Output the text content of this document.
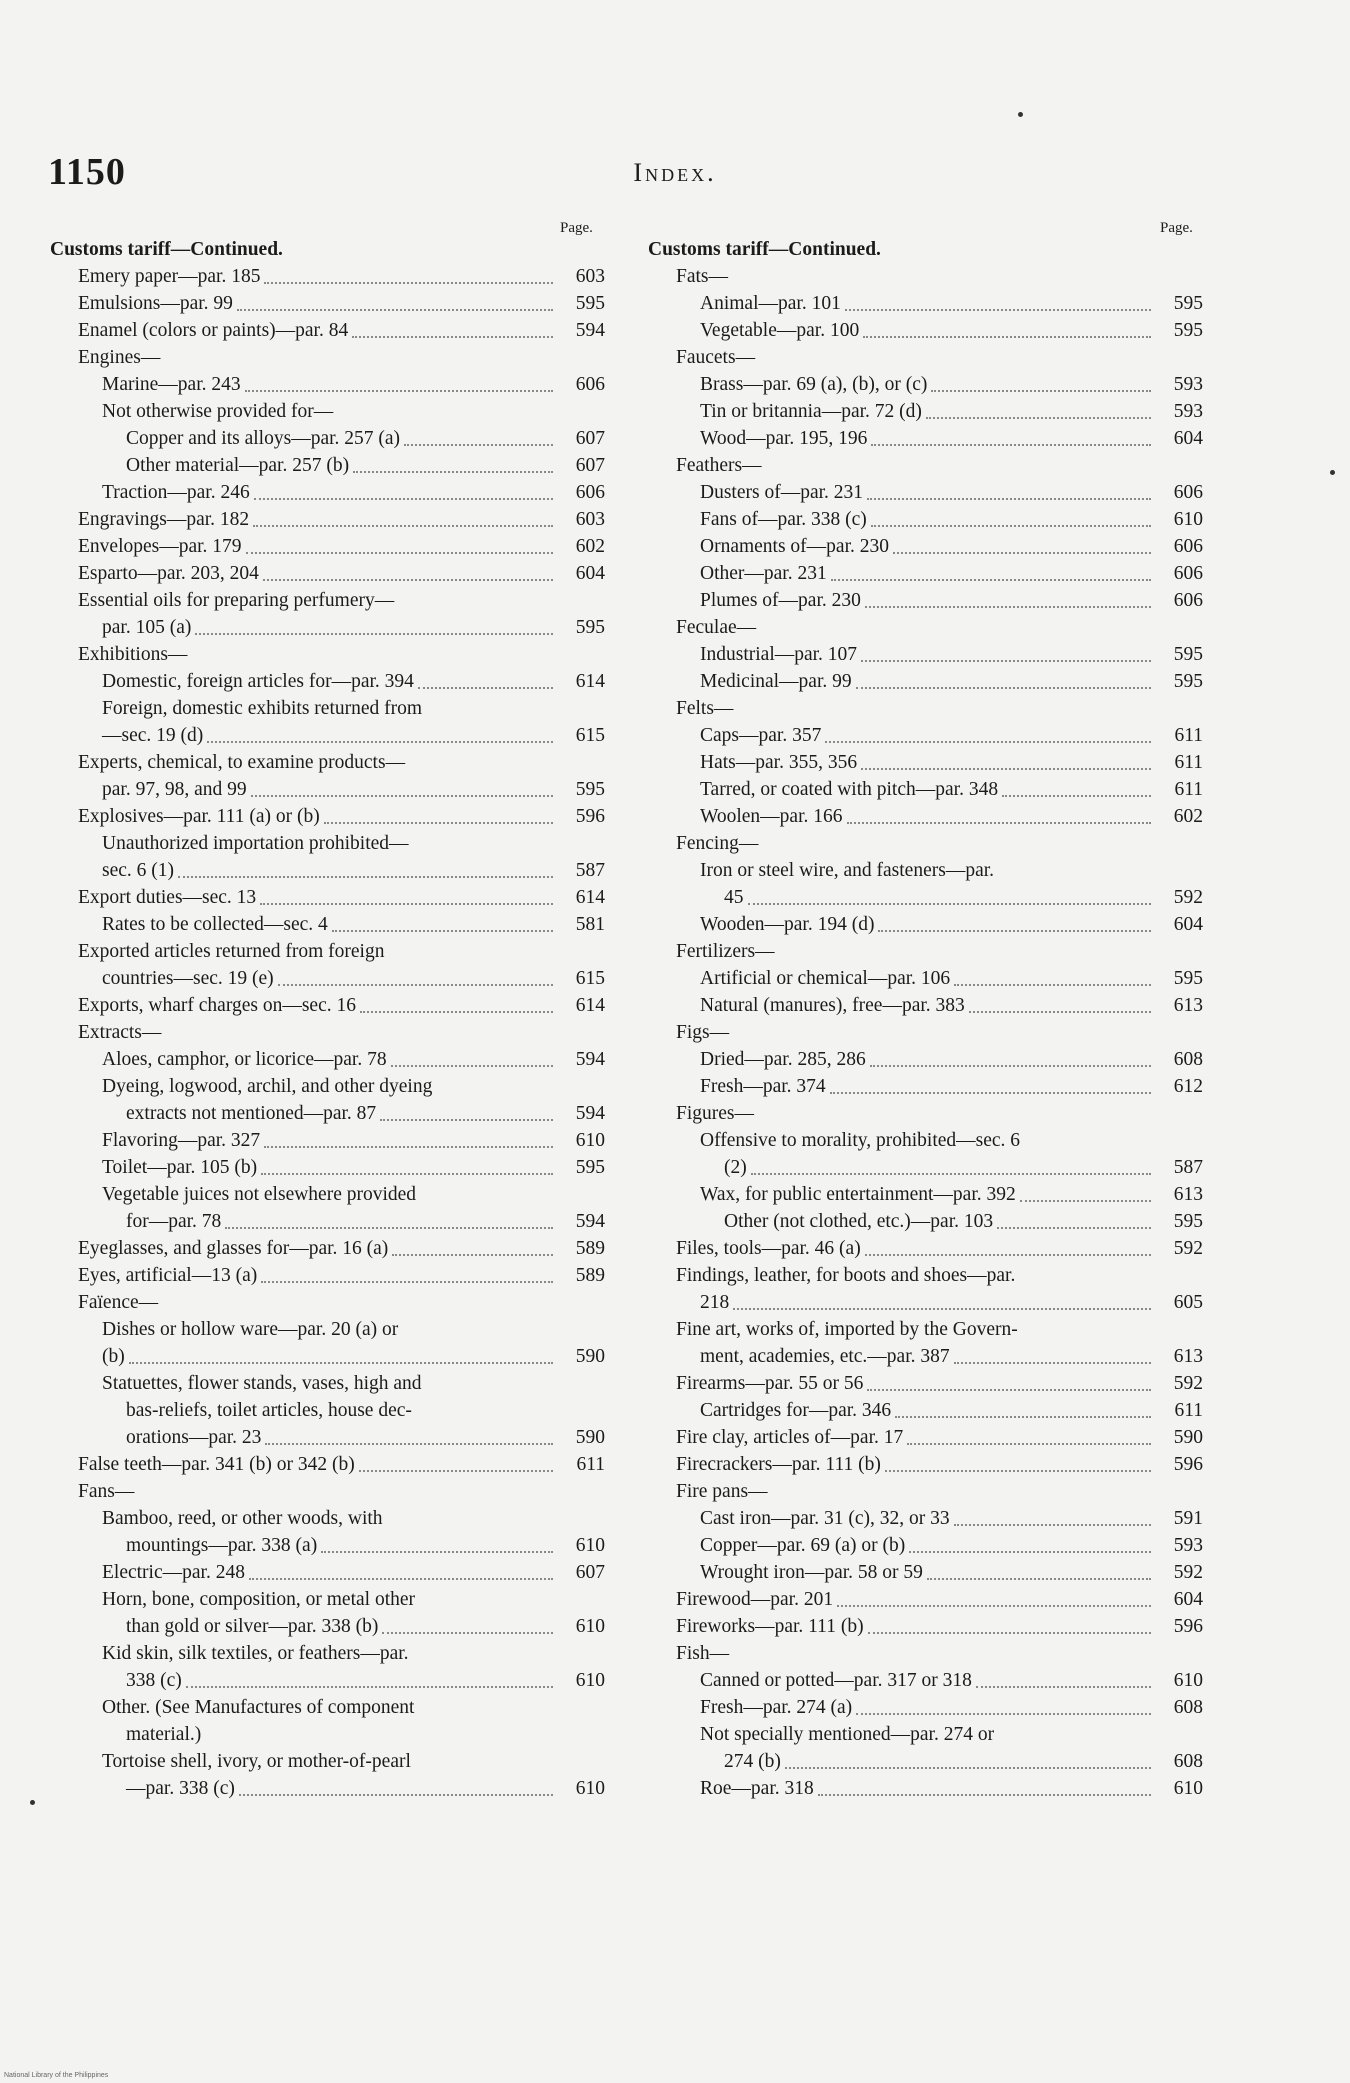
1150	Index.
Page.	Page.
Customs tariff—Continued.
Emery paper—par. 185	603
Emulsions—par. 99	595
Enamel (colors or paints)—par. 84	594
Engines—
Marine—par. 243	606
Not otherwise provided for—
Copper and its alloys—par. 257 (a)	607
Other material—par. 257 (b)	607
Traction—par. 246	606
Engravings—par. 182	603
Envelopes—par. 179	602
Esparto—par. 203, 204	604
Essential oils for preparing perfumery—
par. 105 (a)	595
Exhibitions—
Domestic, foreign articles for—par. 394	614
Foreign, domestic exhibits returned from
—sec. 19 (d)	615
Experts, chemical, to examine products—
par. 97, 98, and 99	595
Explosives—par. 111 (a) or (b)	596
Unauthorized importation prohibited—
sec. 6 (1)	587
Export duties—sec. 13	614
Rates to be collected—sec. 4	581
Exported articles returned from foreign
countries—sec. 19 (e)	615
Exports, wharf charges on—sec. 16	614
Extracts—
Aloes, camphor, or licorice—par. 78	594
Dyeing, logwood, archil, and other dyeing
extracts not mentioned—par. 87	594
Flavoring—par. 327	610
Toilet—par. 105 (b)	595
Vegetable juices not elsewhere provided
for—par. 78	594
Eyeglasses, and glasses for—par. 16 (a)	589
Eyes, artificial—13 (a)	589
Faïence—
Dishes or hollow ware—par. 20 (a) or
(b)	590
Statuettes, flower stands, vases, high and
bas-reliefs, toilet articles, house dec-
orations—par. 23	590
False teeth—par. 341 (b) or 342 (b)	611
Fans—
Bamboo, reed, or other woods, with
mountings—par. 338 (a)	610
Electric—par. 248	607
Horn, bone, composition, or metal other
than gold or silver—par. 338 (b)	610
Kid skin, silk textiles, or feathers—par.
338 (c)	610
Other. (See Manufactures of component
material.)
Tortoise shell, ivory, or mother-of-pearl
—par. 338 (c)	610
Customs tariff—Continued.
Fats—
Animal—par. 101	595
Vegetable—par. 100	595
Faucets—
Brass—par. 69 (a), (b), or (c)	593
Tin or britannia—par. 72 (d)	593
Wood—par. 195, 196	604
Feathers—
Dusters of—par. 231	606
Fans of—par. 338 (c)	610
Ornaments of—par. 230	606
Other—par. 231	606
Plumes of—par. 230	606
Feculae—
Industrial—par. 107	595
Medicinal—par. 99	595
Felts—
Caps—par. 357	611
Hats—par. 355, 356	611
Tarred, or coated with pitch—par. 348	611
Woolen—par. 166	602
Fencing—
Iron or steel wire, and fasteners—par.
45	592
Wooden—par. 194 (d)	604
Fertilizers—
Artificial or chemical—par. 106	595
Natural (manures), free—par. 383	613
Figs—
Dried—par. 285, 286	608
Fresh—par. 374	612
Figures—
Offensive to morality, prohibited—sec. 6
(2)	587
Wax, for public entertainment—par. 392	613
Other (not clothed, etc.)—par. 103	595
Files, tools—par. 46 (a)	592
Findings, leather, for boots and shoes—par.
218	605
Fine art, works of, imported by the Govern-
ment, academies, etc.—par. 387	613
Firearms—par. 55 or 56	592
Cartridges for—par. 346	611
Fire clay, articles of—par. 17	590
Firecrackers—par. 111 (b)	596
Fire pans—
Cast iron—par. 31 (c), 32, or 33	591
Copper—par. 69 (a) or (b)	593
Wrought iron—par. 58 or 59	592
Firewood—par. 201	604
Fireworks—par. 111 (b)	596
Fish—
Canned or potted—par. 317 or 318	610
Fresh—par. 274 (a)	608
Not specially mentioned—par. 274 or
274 (b)	608
Roe—par. 318	610
National Library of the Philippines
